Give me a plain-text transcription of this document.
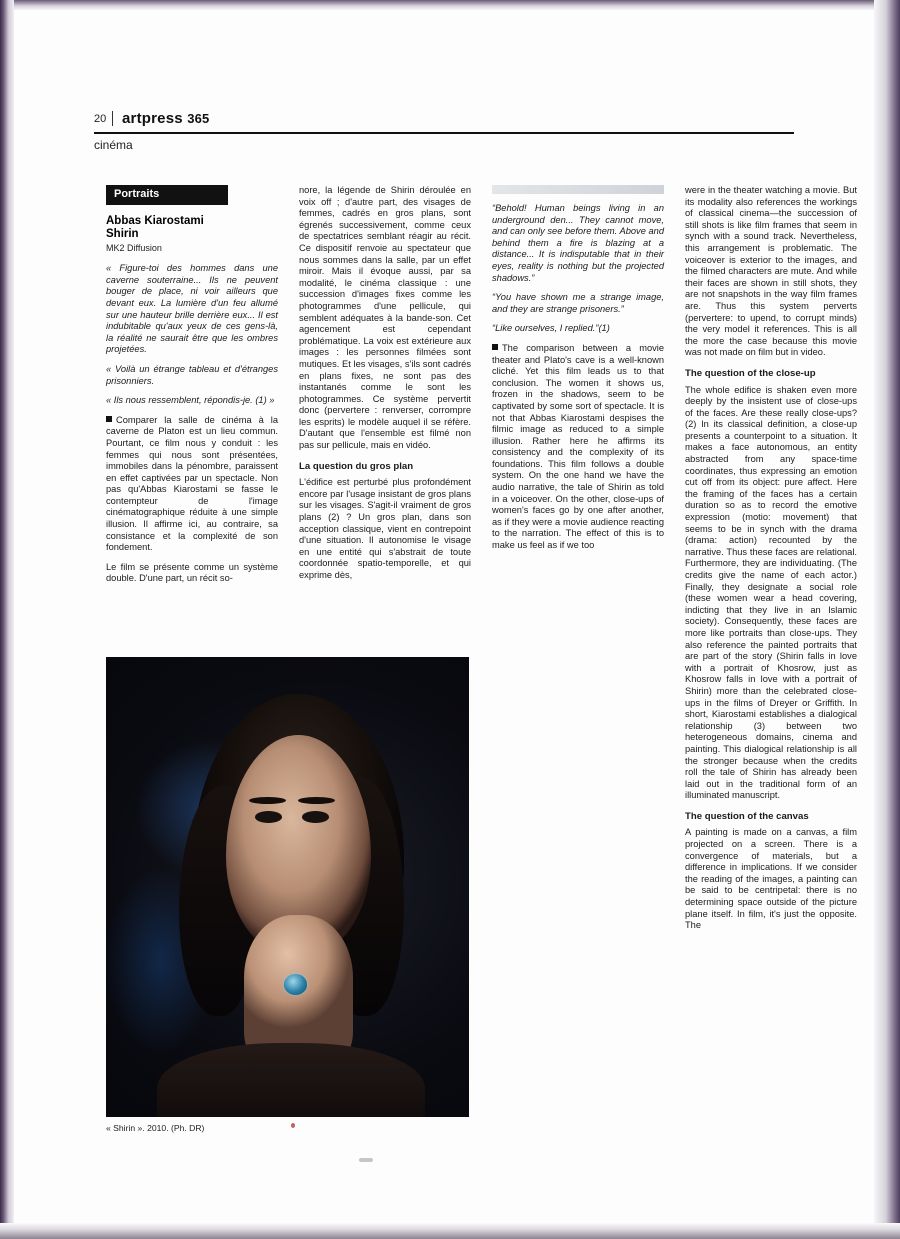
20 artpress 365
cinéma
Portraits
Abbas Kiarostami
Shirin
MK2 Diffusion

« Figure-toi des hommes dans une caverne souterraine... Ils ne peuvent bouger de place, ni voir ailleurs que devant eux. La lumière d'un feu allumé sur une hauteur brille derrière eux... Il est indubitable qu'aux yeux de ces gens-là, la réalité ne saurait être que les ombres projetées.

« Voilà un étrange tableau et d'étranges prisonniers.

« Ils nous ressemblent, répondis-je. (1) »

Comparer la salle de cinéma à la caverne de Platon est un lieu commun. Pourtant, ce film nous y conduit : les femmes qui nous sont présentées, immobiles dans la pénombre, paraissent en effet captivées par un spectacle. Non pas qu'Abbas Kiarostami se fasse le contempteur de l'image cinématographique réduite à une simple illusion. Il affirme ici, au contraire, sa consistance et la complexité de son fondement.

Le film se présente comme un système double. D'une part, un récit so-

nore, la légende de Shirin déroulée en voix off ; d'autre part, des visages de femmes, cadrés en gros plans, sont égrenés successivement, comme ceux de spectatrices semblant réagir au récit. Ce dispositif renvoie au spectateur que nous sommes dans la salle, par un effet miroir. Mais il évoque aussi, par sa modalité, le cinéma classique : une succession d'images fixes comme les photogrammes d'une pellicule, qui semblent adéquates à la bande-son. Cet agencement est cependant problématique. La voix est extérieure aux images : les personnes filmées sont mutiques. Et les visages, s'ils sont cadrés en plans fixes, ne sont pas des instantanés comme le sont les photogrammes. Ce système pervertit donc (pervertere : renverser, corrompre les esprits) le modèle auquel il se réfère. D'autant que l'ensemble est filmé non pas sur pellicule, mais en vidéo.

La question du gros plan

L'édifice est perturbé plus profondément encore par l'usage insistant de gros plans sur les visages. S'agit-il vraiment de gros plans (2) ? Un gros plan, dans son acception classique, vient en contrepoint d'une situation. Il autonomise le visage en une entité qui s'abstrait de toute coordonnée spatio-temporelle, et qui exprime dès,

“Behold! Human beings living in an underground den... They cannot move, and can only see before them. Above and behind them a fire is blazing at a distance... It is indisputable that in their eyes, reality is nothing but the projected shadows.”

“You have shown me a strange image, and they are strange prisoners.”

“Like ourselves, I replied.”(1)

The comparison between a movie theater and Plato's cave is a well-known cliché. Yet this film leads us to that conclusion. The women it shows us, frozen in the shadows, seem to be captivated by some sort of spectacle. It is not that Abbas Kiarostami despises the filmic image as reduced to a simple illusion. Rather here he affirms its consistency and the complexity of its foundations. This film follows a double system. On the one hand we have the audio narrative, the tale of Shirin as told in a voiceover. On the other, close-ups of women's faces go by one after another, as if they were a movie audience reacting to the narration. The effect of this is to make us feel as if we too

were in the theater watching a movie. But its modality also references the workings of classical cinema—the succession of still shots is like film frames that seem in synch with a sound track. Nevertheless, this arrangement is problematic. The voiceover is exterior to the images, and the filmed characters are mute. And while their faces are shown in still shots, they are not snapshots in the way film frames are. Thus this system perverts (pervertere: to upend, to corrupt minds) the very model it references. This is all the more the case because this movie was not made on film but in video.

The question of the close-up

The whole edifice is shaken even more deeply by the insistent use of close-ups of the faces. Are these really close-ups?(2) In its classical definition, a close-up presents a counterpoint to a situation. It makes a face autonomous, an entity abstracted from any space-time coordinates, thus expressing an emotion cut off from its object: pure affect. Here the framing of the faces has a certain duration so as to record the emotive expression (motio: movement) that seems to be in synch with the drama (drama: action) recounted by the narrative. Thus these faces are relational. Furthermore, they are individuating. (The credits give the name of each actor.) Finally, they designate a social role (these women wear a head covering, indicting that they live in an Islamic society). Consequently, these faces are more like portraits than close-ups. They also reference the painted portraits that are part of the story (Shirin falls in love with a portrait of Khosrow, just as Khosrow falls in love with a portrait of Shirin) more than the celebrated close-ups in the films of Dreyer or Griffith. In short, Kiarostami establishes a dialogical relationship (3) between two heterogeneous domains, cinema and painting. This dialogical relationship is all the stronger because when the credits roll the tale of Shirin has already been laid out in the traditional form of an illuminated manuscript.

The question of the canvas

A painting is made on a canvas, a film projected on a screen. There is a convergence of materials, but a difference in implications. If we consider the reading of the images, a painting can be said to be centripetal: there is no determining space outside of the picture plane itself. In film, it's just the opposite. The

« Shirin ». 2010. (Ph. DR)
